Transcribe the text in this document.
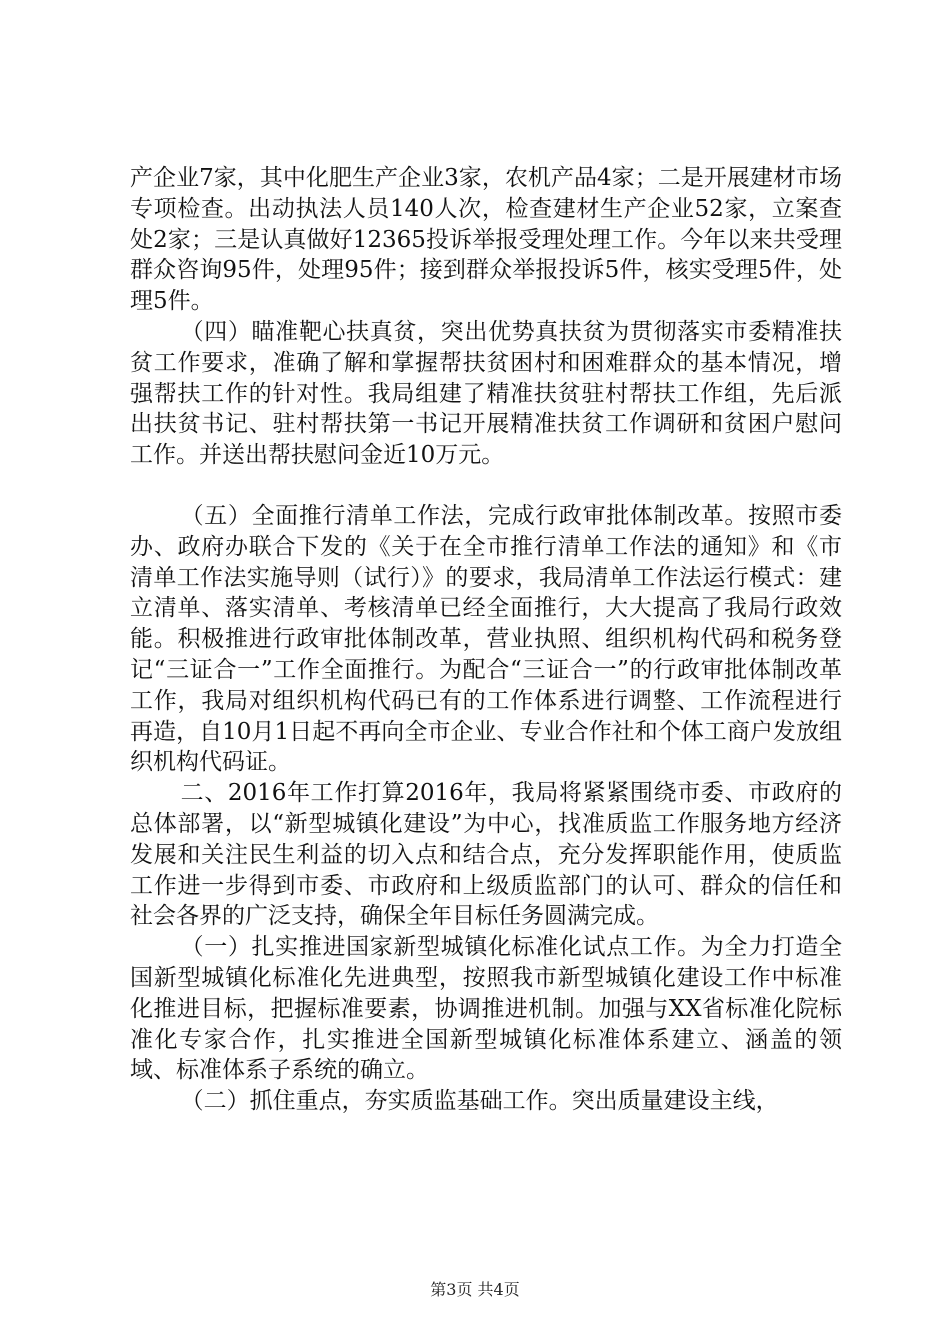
产企业7家，其中化肥生产企业3家，农机产品4家；二是开展建材市场专项检查。出动执法人员140人次，检查建材生产企业52家，立案查处2家；三是认真做好12365投诉举报受理处理工作。今年以来共受理群众咨询95件，处理95件；接到群众举报投诉5件，核实受理5件，处理5件。

（四）瞄准靶心扶真贫，突出优势真扶贫为贯彻落实市委精准扶贫工作要求，准确了解和掌握帮扶贫困村和困难群众的基本情况，增强帮扶工作的针对性。我局组建了精准扶贫驻村帮扶工作组，先后派出扶贫书记、驻村帮扶第一书记开展精准扶贫工作调研和贫困户慰问工作。并送出帮扶慰问金近10万元。

（五）全面推行清单工作法，完成行政审批体制改革。按照市委办、政府办联合下发的《关于在全市推行清单工作法的通知》和《市清单工作法实施导则（试行）》的要求，我局清单工作法运行模式：建立清单、落实清单、考核清单已经全面推行，大大提高了我局行政效能。积极推进行政审批体制改革，营业执照、组织机构代码和税务登记“三证合一”工作全面推行。为配合“三证合一”的行政审批体制改革工作，我局对组织机构代码已有的工作体系进行调整、工作流程进行再造，自10月1日起不再向全市企业、专业合作社和个体工商户发放组织机构代码证。

二、2016年工作打算2016年，我局将紧紧围绕市委、市政府的总体部署，以“新型城镇化建设”为中心，找准质监工作服务地方经济发展和关注民生利益的切入点和结合点，充分发挥职能作用，使质监工作进一步得到市委、市政府和上级质监部门的认可、群众的信任和社会各界的广泛支持，确保全年目标任务圆满完成。

（一）扎实推进国家新型城镇化标准化试点工作。为全力打造全国新型城镇化标准化先进典型，按照我市新型城镇化建设工作中标准化推进目标，把握标准要素，协调推进机制。加强与XX省标准化院标准化专家合作，扎实推进全国新型城镇化标准体系建立、涵盖的领域、标准体系子系统的确立。

（二）抓住重点，夯实质监基础工作。突出质量建设主线，

第3页 共4页
